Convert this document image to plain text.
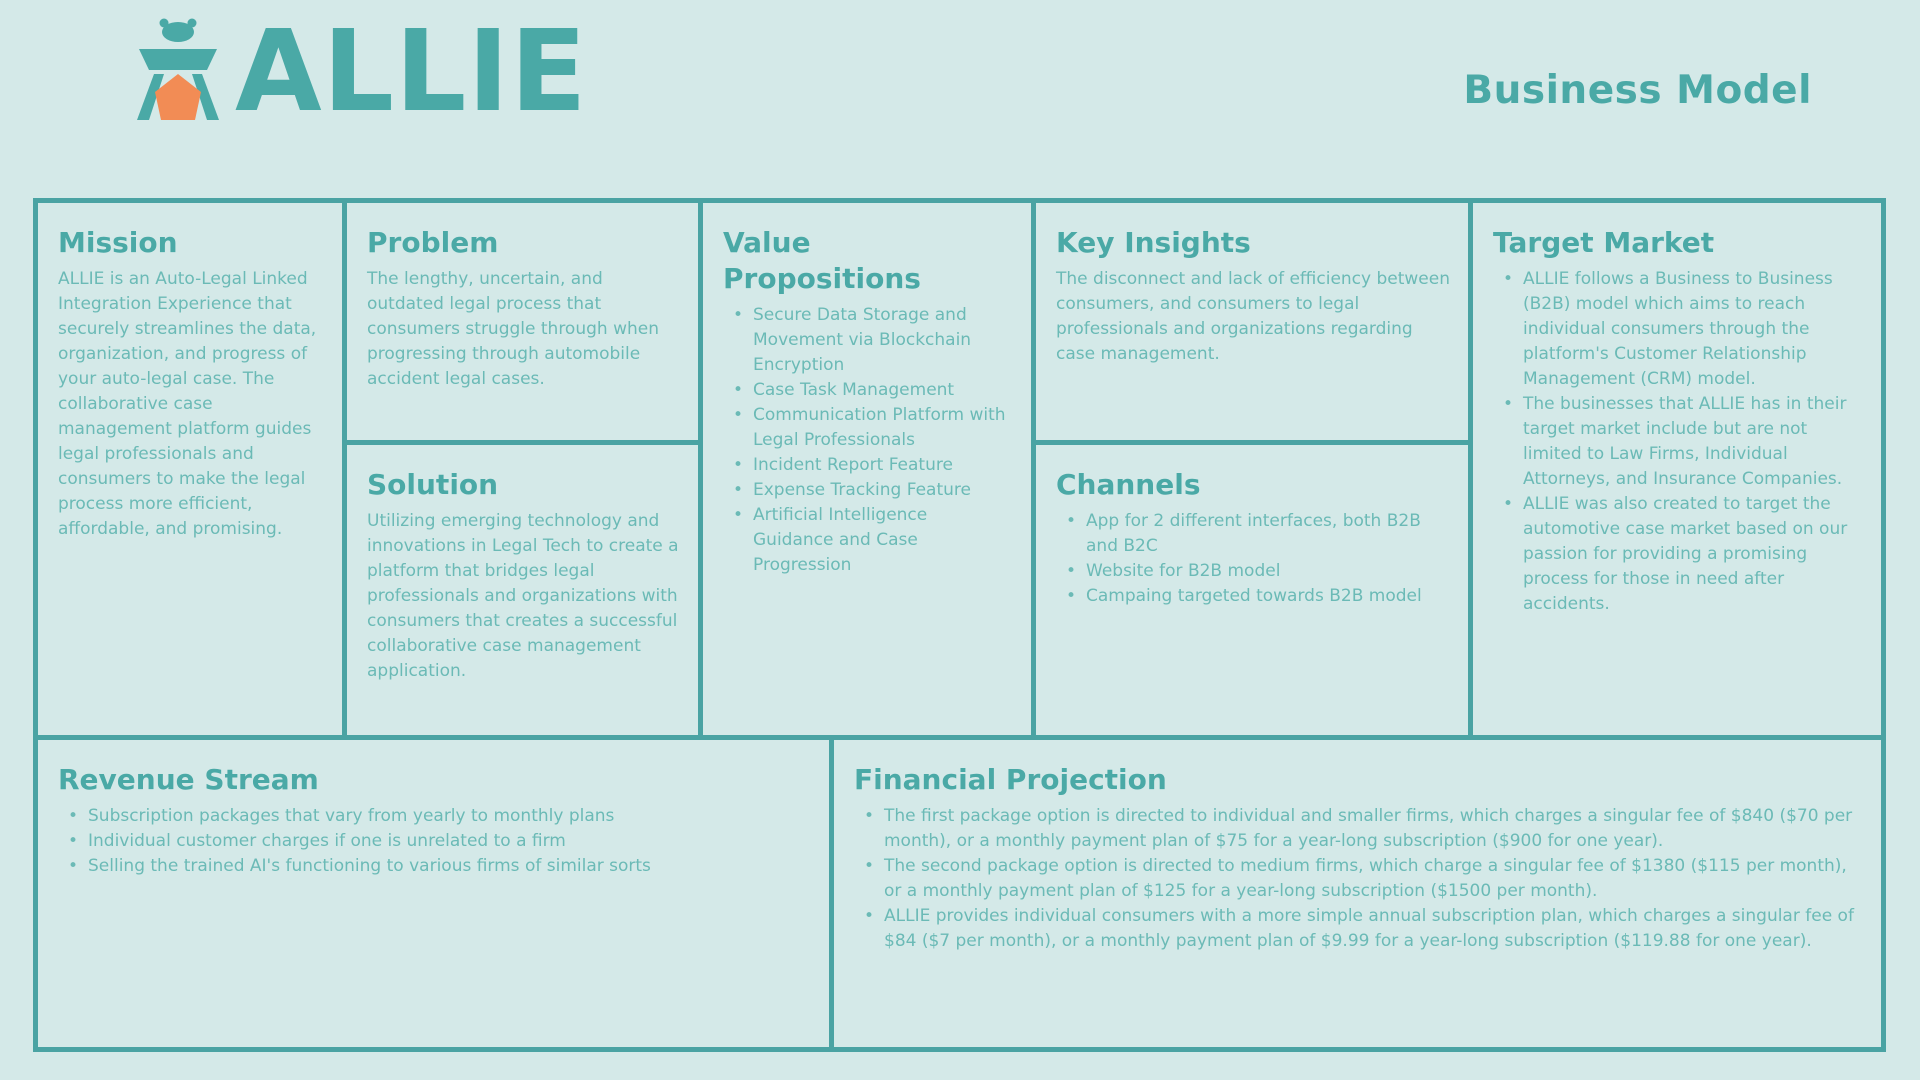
ALLIE	Business Model
Mission

ALLIE is an Auto-Legal Linked Integration Experience that securely streamlines the data, organization, and progress of your auto-legal case. The collaborative case management platform guides legal professionals and consumers to make the legal process more efficient, affordable, and promising.

Problem

The lengthy, uncertain, and outdated legal process that consumers struggle through when progressing through automobile accident legal cases.

Solution

Utilizing emerging technology and innovations in Legal Tech to create a platform that bridges legal professionals and organizations with consumers that creates a successful collaborative case management application.

Value Propositions
• Secure Data Storage and Movement via Blockchain Encryption
• Case Task Management
• Communication Platform with Legal Professionals
• Incident Report Feature
• Expense Tracking Feature
• Artificial Intelligence Guidance and Case Progression
Key Insights

The disconnect and lack of efficiency between consumers, and consumers to legal professionals and organizations regarding case management.

Channels
• App for 2 different interfaces, both B2B and B2C
• Website for B2B model
• Campaing targeted towards B2B model
Target Market
• ALLIE follows a Business to Business (B2B) model which aims to reach individual consumers through the platform's Customer Relationship Management (CRM) model.
• The businesses that ALLIE has in their target market include but are not limited to Law Firms, Individual Attorneys, and Insurance Companies.
• ALLIE was also created to target the automotive case market based on our passion for providing a promising process for those in need after accidents.
Revenue Stream
• Subscription packages that vary from yearly to monthly plans
• Individual customer charges if one is unrelated to a firm
• Selling the trained AI's functioning to various firms of similar sorts
Financial Projection
• The first package option is directed to individual and smaller firms, which charges a singular fee of $840 ($70 per month), or a monthly payment plan of $75 for a year-long subscription ($900 for one year).
• The second package option is directed to medium firms, which charge a singular fee of $1380 ($115 per month), or a monthly payment plan of $125 for a year-long subscription ($1500 per month).
• ALLIE provides individual consumers with a more simple annual subscription plan, which charges a singular fee of $84 ($7 per month), or a monthly payment plan of $9.99 for a year-long subscription ($119.88 for one year).
